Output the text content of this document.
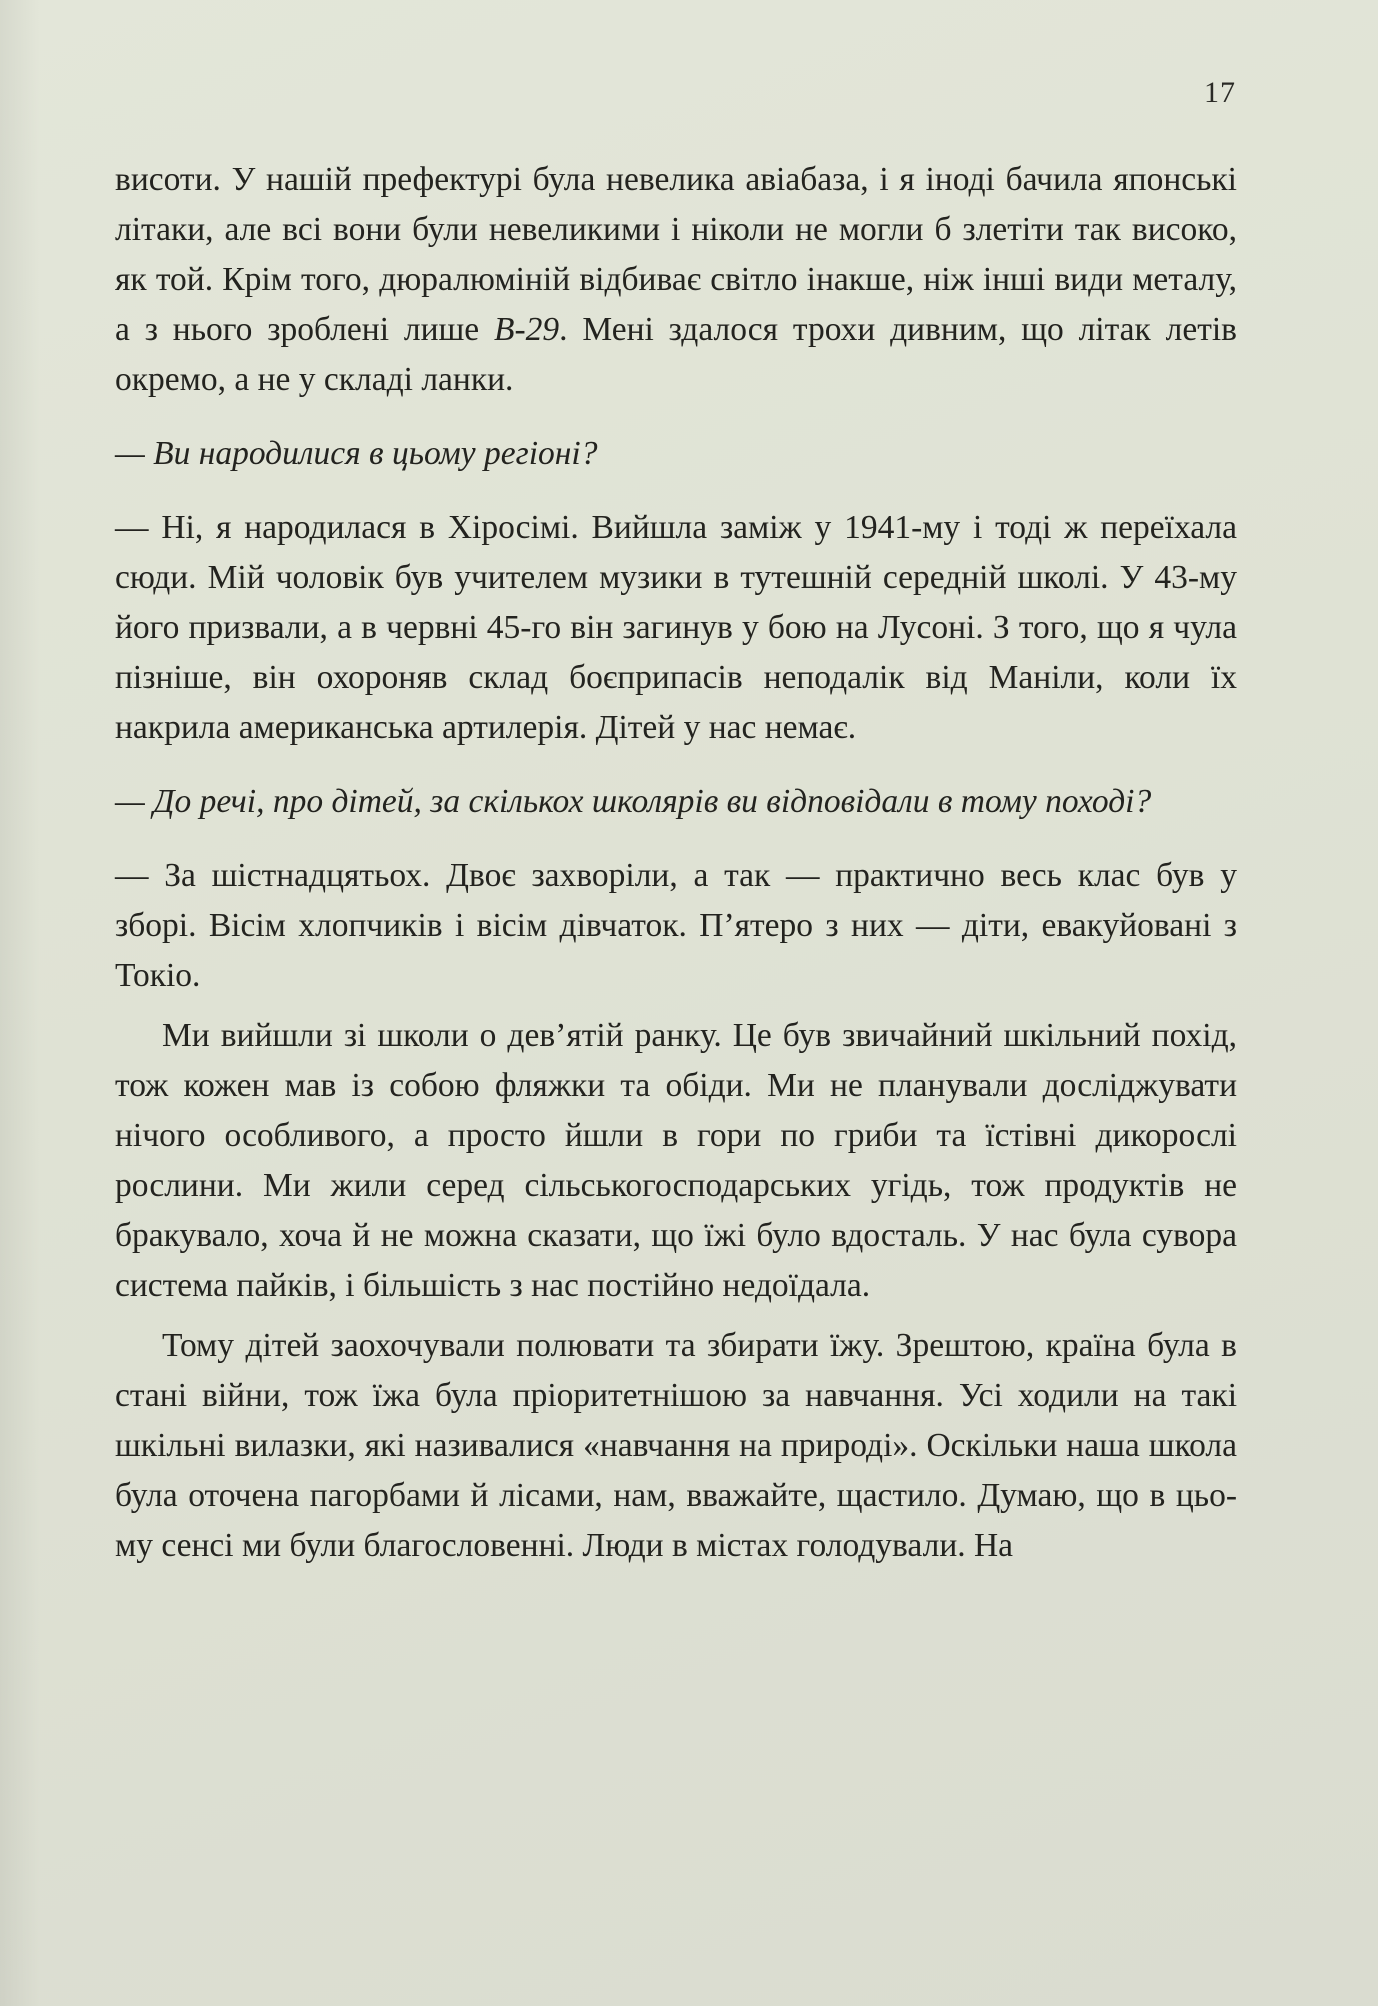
17

висоти. У нашій префектурі була невелика авіабаза, і я іноді бачила японські літаки, але всі вони були невеликими і ніколи не могли б злетіти так високо, як той. Крім того, дюралюміній відбиває світло інакше, ніж інші види металу, а з нього зроблені лише В-29. Мені здалося трохи дивним, що літак летів окремо, а не у складі ланки.

— Ви народилися в цьому регіоні?

— Ні, я народилася в Хіросімі. Вийшла заміж у 1941-му і тоді ж переїхала сюди. Мій чоловік був учителем музики в тутешній середній школі. У 43-му його призвали, а в червні 45-го він загинув у бою на Лусоні. З того, що я чула пізніше, він охороняв склад боєприпасів неподалік від Маніли, коли їх накрила американська артилерія. Дітей у нас немає.

— До речі, про дітей, за скількох школярів ви відповідали в тому поході?

— За шістнадцятьох. Двоє захворіли, а так — практично весь клас був у зборі. Вісім хлопчиків і вісім дівчаток. П’ятеро з них — діти, евакуйовані з Токіо.

Ми вийшли зі школи о дев’ятій ранку. Це був звичайний шкільний похід, тож кожен мав із собою фляжки та обіди. Ми не планували досліджувати нічого особливого, а просто йшли в гори по гриби та їстівні дикорослі рослини. Ми жили серед сільськогосподарських угідь, тож продуктів не бракувало, хоча й не можна сказати, що їжі було вдосталь. У нас була сувора система пайків, і більшість з нас постійно недоїдала.

Тому дітей заохочували полювати та збирати їжу. Зрештою, країна була в стані війни, тож їжа була пріоритетнішою за навчання. Усі ходили на такі шкільні вилазки, які називалися «навчання на природі». Оскільки наша школа була оточена пагорбами й лісами, нам, вважайте, щастило. Думаю, що в цьому сенсі ми були благословенні. Люди в містах голодували. На
